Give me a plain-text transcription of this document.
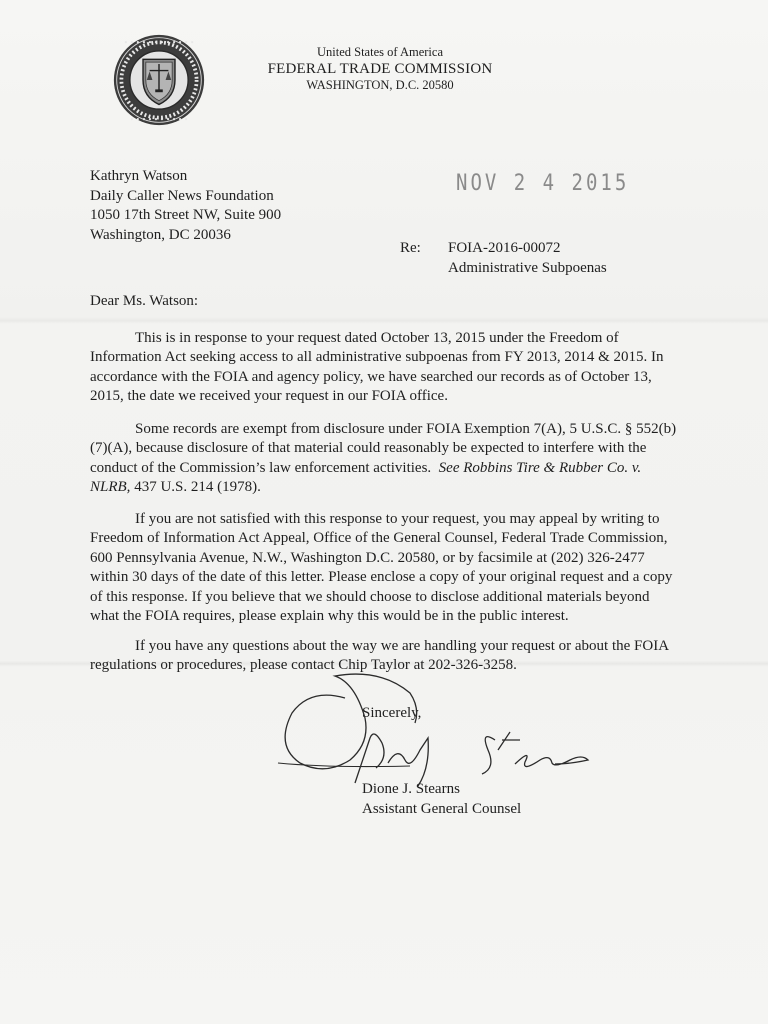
• • • • • • • • • • • •
• • • • • • • • • •
United States of America
FEDERAL TRADE COMMISSION
WASHINGTON, D.C. 20580
Kathryn Watson
Daily Caller News Foundation
1050 17th Street NW, Suite 900
Washington, DC 20036
NOV 2 4 2015
Re: FOIA-2016-00072
Administrative Subpoenas
Dear Ms. Watson:

This is in response to your request dated October 13, 2015 under the Freedom of Information Act seeking access to all administrative subpoenas from FY 2013, 2014 & 2015. In accordance with the FOIA and agency policy, we have searched our records as of October 13, 2015, the date we received your request in our FOIA office.

Some records are exempt from disclosure under FOIA Exemption 7(A), 5 U.S.C. § 552(b)(7)(A), because disclosure of that material could reasonably be expected to interfere with the conduct of the Commission’s law enforcement activities. See Robbins Tire & Rubber Co. v. NLRB, 437 U.S. 214 (1978).

If you are not satisfied with this response to your request, you may appeal by writing to Freedom of Information Act Appeal, Office of the General Counsel, Federal Trade Commission, 600 Pennsylvania Avenue, N.W., Washington D.C. 20580, or by facsimile at (202) 326-2477 within 30 days of the date of this letter. Please enclose a copy of your original request and a copy of this response. If you believe that we should choose to disclose additional materials beyond what the FOIA requires, please explain why this would be in the public interest.

If you have any questions about the way we are handling your request or about the FOIA regulations or procedures, please contact Chip Taylor at 202-326-3258.

Sincerely,
Dione J. Stearns
Assistant General Counsel
